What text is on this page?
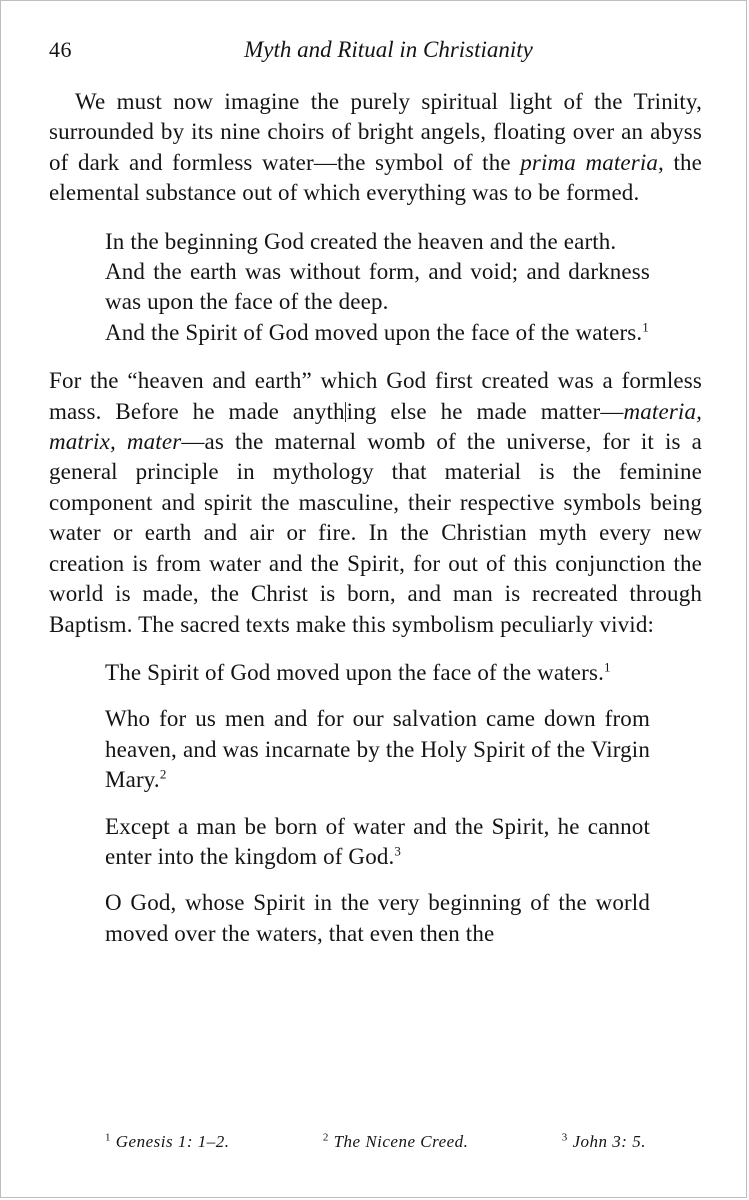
46	Myth and Ritual in Christianity

We must now imagine the purely spiritual light of the Trinity, surrounded by its nine choirs of bright angels, floating over an abyss of dark and formless water—the symbol of the prima materia, the elemental substance out of which everything was to be formed.

In the beginning God created the heaven and the earth.

And the earth was without form, and void; and darkness was upon the face of the deep.

And the Spirit of God moved upon the face of the waters.$^1$

For the “heaven and earth” which God first created was a formless mass. Before he made anything else he made matter—materia, matrix, mater—as the maternal womb of the universe, for it is a general principle in mythology that material is the feminine component and spirit the masculine, their respective symbols being water or earth and air or fire. In the Christian myth every new creation is from water and the Spirit, for out of this conjunction the world is made, the Christ is born, and man is recreated through Baptism. The sacred texts make this symbolism peculiarly vivid:

The Spirit of God moved upon the face of the waters.$^1$

Who for us men and for our salvation came down from heaven, and was incarnate by the Holy Spirit of the Virgin Mary.$^2$

Except a man be born of water and the Spirit, he cannot enter into the kingdom of God.$^3$

O God, whose Spirit in the very beginning of the world moved over the waters, that even then the

$^1$ Genesis 1: 1–2.	$^2$ The Nicene Creed.	$^3$ John 3: 5.
